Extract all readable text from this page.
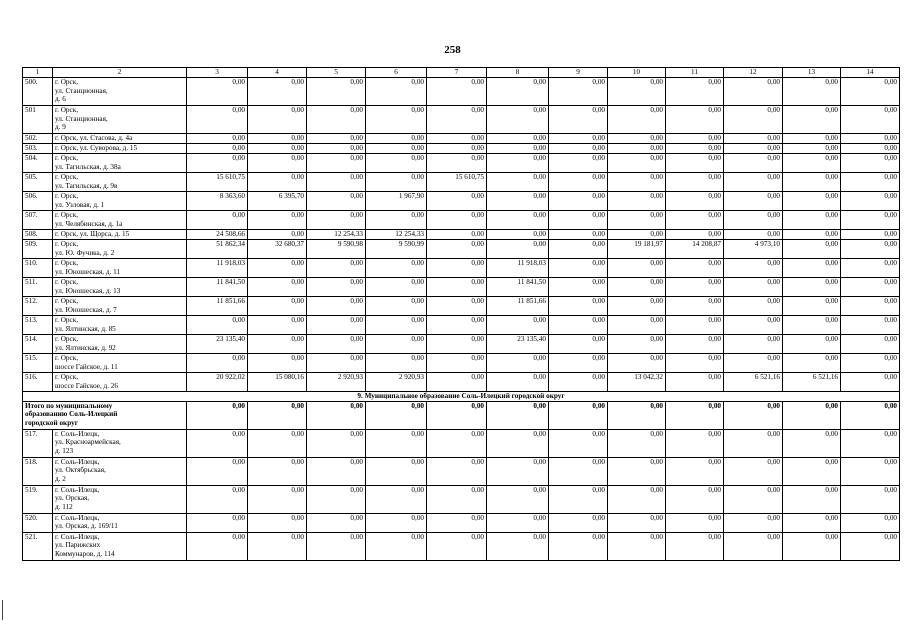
258
1	2	3	4	5	6	7	8	9	10	11	12	13	14
500.	г. Орск,
ул. Станционная,
д. 6	0,00	0,00	0,00	0,00	0,00	0,00	0,00	0,00	0,00	0,00	0,00	0,00
501	г. Орск,
ул. Станционная,
д. 9	0,00	0,00	0,00	0,00	0,00	0,00	0,00	0,00	0,00	0,00	0,00	0,00
502.	г. Орск, ул. Стасова, д. 4а	0,00	0,00	0,00	0,00	0,00	0,00	0,00	0,00	0,00	0,00	0,00	0,00
503.	г. Орск, ул. Суворова, д. 15	0,00	0,00	0,00	0,00	0,00	0,00	0,00	0,00	0,00	0,00	0,00	0,00
504.	г. Орск,
ул. Тагильская, д. 38а	0,00	0,00	0,00	0,00	0,00	0,00	0,00	0,00	0,00	0,00	0,00	0,00
505.	г. Орск,
ул. Тагильская, д. 9в	15 610,75	0,00	0,00	0,00	15 610,75	0,00	0,00	0,00	0,00	0,00	0,00	0,00
506.	г. Орск,
ул. Узловая, д. 1	8 363,60	6 395,70	0,00	1 967,90	0,00	0,00	0,00	0,00	0,00	0,00	0,00	0,00
507.	г. Орск,
ул. Челябинская, д. 1а	0,00	0,00	0,00	0,00	0,00	0,00	0,00	0,00	0,00	0,00	0,00	0,00
508.	г. Орск, ул. Щорса, д. 15	24 508,66	0,00	12 254,33	12 254,33	0,00	0,00	0,00	0,00	0,00	0,00	0,00	0,00
509.	г. Орск,
ул. Ю. Фучика, д. 2	51 862,34	32 680,37	9 590,98	9 590,99	0,00	0,00	0,00	19 181,97	14 208,87	4 973,10	0,00	0,00
510.	г. Орск,
ул. Юношеская, д. 11	11 918,03	0,00	0,00	0,00	0,00	11 918,03	0,00	0,00	0,00	0,00	0,00	0,00
511.	г. Орск,
ул. Юношеская, д. 13	11 841,50	0,00	0,00	0,00	0,00	11 841,50	0,00	0,00	0,00	0,00	0,00	0,00
512.	г. Орск,
ул. Юношеская, д. 7	11 851,66	0,00	0,00	0,00	0,00	11 851,66	0,00	0,00	0,00	0,00	0,00	0,00
513.	г. Орск,
ул. Ялтинская, д. 85	0,00	0,00	0,00	0,00	0,00	0,00	0,00	0,00	0,00	0,00	0,00	0,00
514.	г. Орск,
ул. Ялтинская, д. 92	23 135,40	0,00	0,00	0,00	0,00	23 135,40	0,00	0,00	0,00	0,00	0,00	0,00
515.	г. Орск,
шоссе Гайское, д. 11	0,00	0,00	0,00	0,00	0,00	0,00	0,00	0,00	0,00	0,00	0,00	0,00
516.	г. Орск,
шоссе Гайское, д. 26	20 922,02	15 080,16	2 920,93	2 920,93	0,00	0,00	0,00	13 042,32	0,00	6 521,16	6 521,16	0,00
9. Муниципальное образование Соль-Илецкий городской округ													

Итого по муниципальному
образованию Соль-Илецкий
городской округ		0,00	0,00	0,00	0,00	0,00	0,00	0,00	0,00	0,00	0,00	0,00	0,00
517.	г. Соль-Илецк,
ул. Красноармейская,
д. 123	0,00	0,00	0,00	0,00	0,00	0,00	0,00	0,00	0,00	0,00	0,00	0,00
518.	г. Соль-Илецк,
ул. Октябрьская,
д. 2	0,00	0,00	0,00	0,00	0,00	0,00	0,00	0,00	0,00	0,00	0,00	0,00
519.	г. Соль-Илецк,
ул. Орская,
д. 112	0,00	0,00	0,00	0,00	0,00	0,00	0,00	0,00	0,00	0,00	0,00	0,00
520.	г. Соль-Илецк,
ул. Орская, д. 169/11	0,00	0,00	0,00	0,00	0,00	0,00	0,00	0,00	0,00	0,00	0,00	0,00
521.	г. Соль-Илецк,
ул. Парижских
Коммунаров, д. 114	0,00	0,00	0,00	0,00	0,00	0,00	0,00	0,00	0,00	0,00	0,00	0,00
